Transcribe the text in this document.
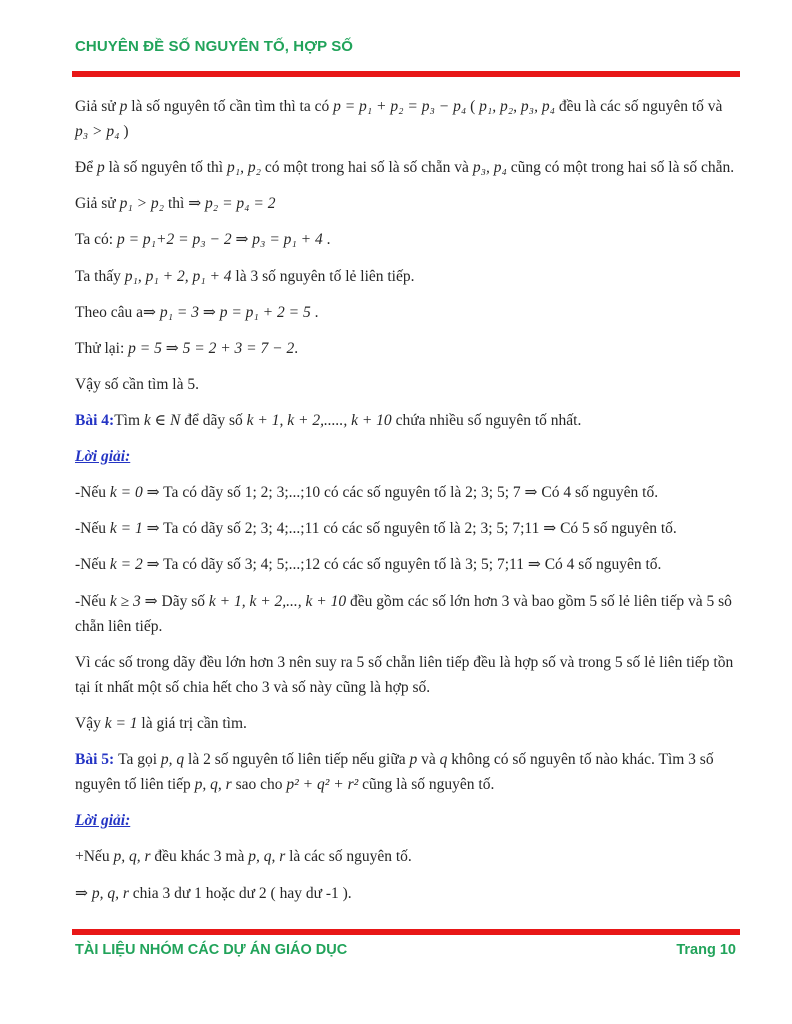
CHUYÊN ĐỀ SỐ NGUYÊN TỐ, HỢP SỐ

Giả sử p là số nguyên tố cần tìm thì ta có p = p₁ + p₂ = p₃ − p₄ ( p₁, p₂, p₃, p₄ đều là các số nguyên tố và p₃ > p₄ )

Để p là số nguyên tố thì p₁, p₂ có một trong hai số là số chẵn và p₃, p₄ cũng có một trong hai số là số chẵn.

Giả sử p₁ > p₂ thì ⇒ p₂ = p₄ = 2

Ta có: p = p₁+2 = p₃ − 2 ⇒ p₃ = p₁ + 4 .

Ta thấy p₁, p₁ + 2, p₁ + 4 là 3 số nguyên tố lẻ liên tiếp.

Theo câu a⇒ p₁ = 3 ⇒ p = p₁ + 2 = 5 .

Thử lại: p = 5 ⇒ 5 = 2 + 3 = 7 − 2.

Vậy số cần tìm là 5.

Bài 4:Tìm k ∈ N để dãy số k + 1, k + 2,....., k + 10 chứa nhiều số nguyên tố nhất.

Lời giải:

-Nếu k = 0 ⇒ Ta có dãy số 1; 2; 3;...;10 có các số nguyên tố là 2; 3; 5; 7 ⇒ Có 4 số nguyên tố.

-Nếu k = 1 ⇒ Ta có dãy số 2; 3; 4;...;11 có các số nguyên tố là 2; 3; 5; 7;11 ⇒ Có 5 số nguyên tố.

-Nếu k = 2 ⇒ Ta có dãy số 3; 4; 5;...;12 có các số nguyên tố là 3; 5; 7;11 ⇒ Có 4 số nguyên tố.

-Nếu k ≥ 3 ⇒ Dãy số k + 1, k + 2,..., k + 10 đều gồm các số lớn hơn 3 và bao gồm 5 số lẻ liên tiếp và 5 sô chẵn liên tiếp.

Vì các số trong dãy đều lớn hơn 3 nên suy ra 5 số chẵn liên tiếp đều là hợp số và trong 5 số lẻ liên tiếp tồn tại ít nhất một số chia hết cho 3 và số này cũng là hợp số.

Vậy k = 1 là giá trị cần tìm.

Bài 5: Ta gọi p, q là 2 số nguyên tố liên tiếp nếu giữa p và q không có số nguyên tố nào khác. Tìm 3 số nguyên tố liên tiếp p, q, r sao cho p² + q² + r² cũng là số nguyên tố.

Lời giải:

+Nếu p, q, r đều khác 3 mà p, q, r là các số nguyên tố.

⇒ p, q, r chia 3 dư 1 hoặc dư 2 ( hay dư -1 ).

TÀI LIỆU NHÓM CÁC DỰ ÁN GIÁO DỤC	Trang 10
